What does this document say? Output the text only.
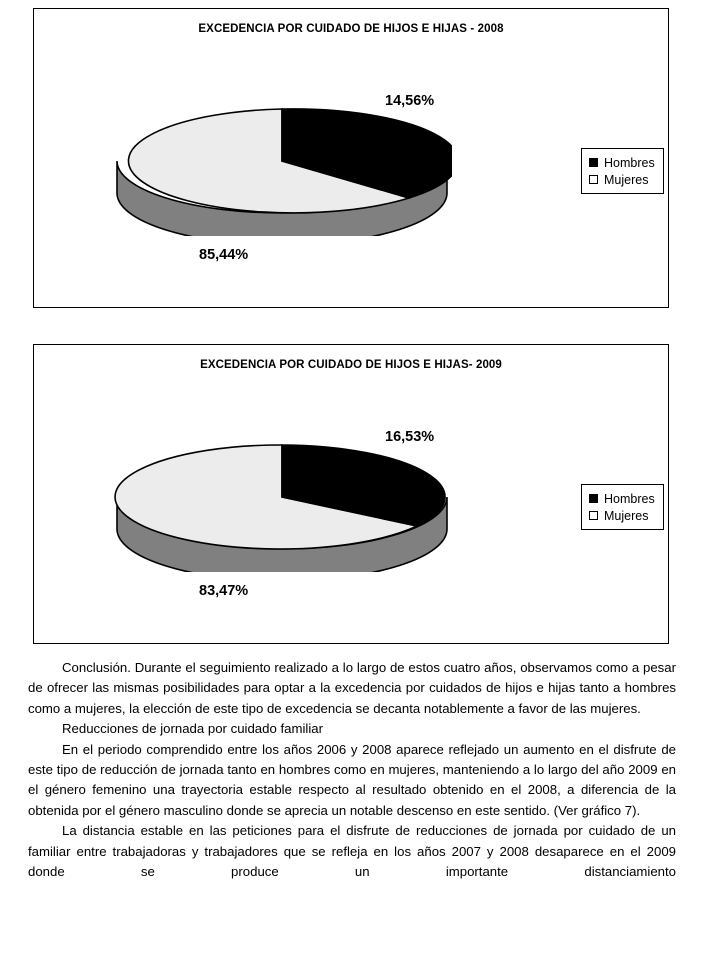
EXCEDENCIA POR CUIDADO DE HIJOS E HIJAS - 2008
14,56%
85,44%
Hombres
Mujeres
EXCEDENCIA POR CUIDADO DE HIJOS E HIJAS- 2009
16,53%
83,47%
Hombres
Mujeres

Conclusión. Durante el seguimiento realizado a lo largo de estos cuatro años, observamos como a pesar de ofrecer las mismas posibilidades para optar a la excedencia por cuidados de hijos e hijas tanto a hombres como a mujeres, la elección de este tipo de excedencia se decanta notablemente a favor de las mujeres.

Reducciones de jornada por cuidado familiar

En el periodo comprendido entre los años 2006 y 2008 aparece reflejado un aumento en el disfrute de este tipo de reducción de jornada tanto en hombres como en mujeres, manteniendo a lo largo del año 2009 en el género femenino una trayectoria estable respecto al resultado obtenido en el 2008, a diferencia de la obtenida por el género masculino donde se aprecia un notable descenso en este sentido. (Ver gráfico 7).

La distancia estable en las peticiones para el disfrute de reducciones de jornada por cuidado de un familiar entre trabajadoras y trabajadores que se refleja en los años 2007 y 2008 desaparece en el 2009 donde se produce un importante distanciamiento
